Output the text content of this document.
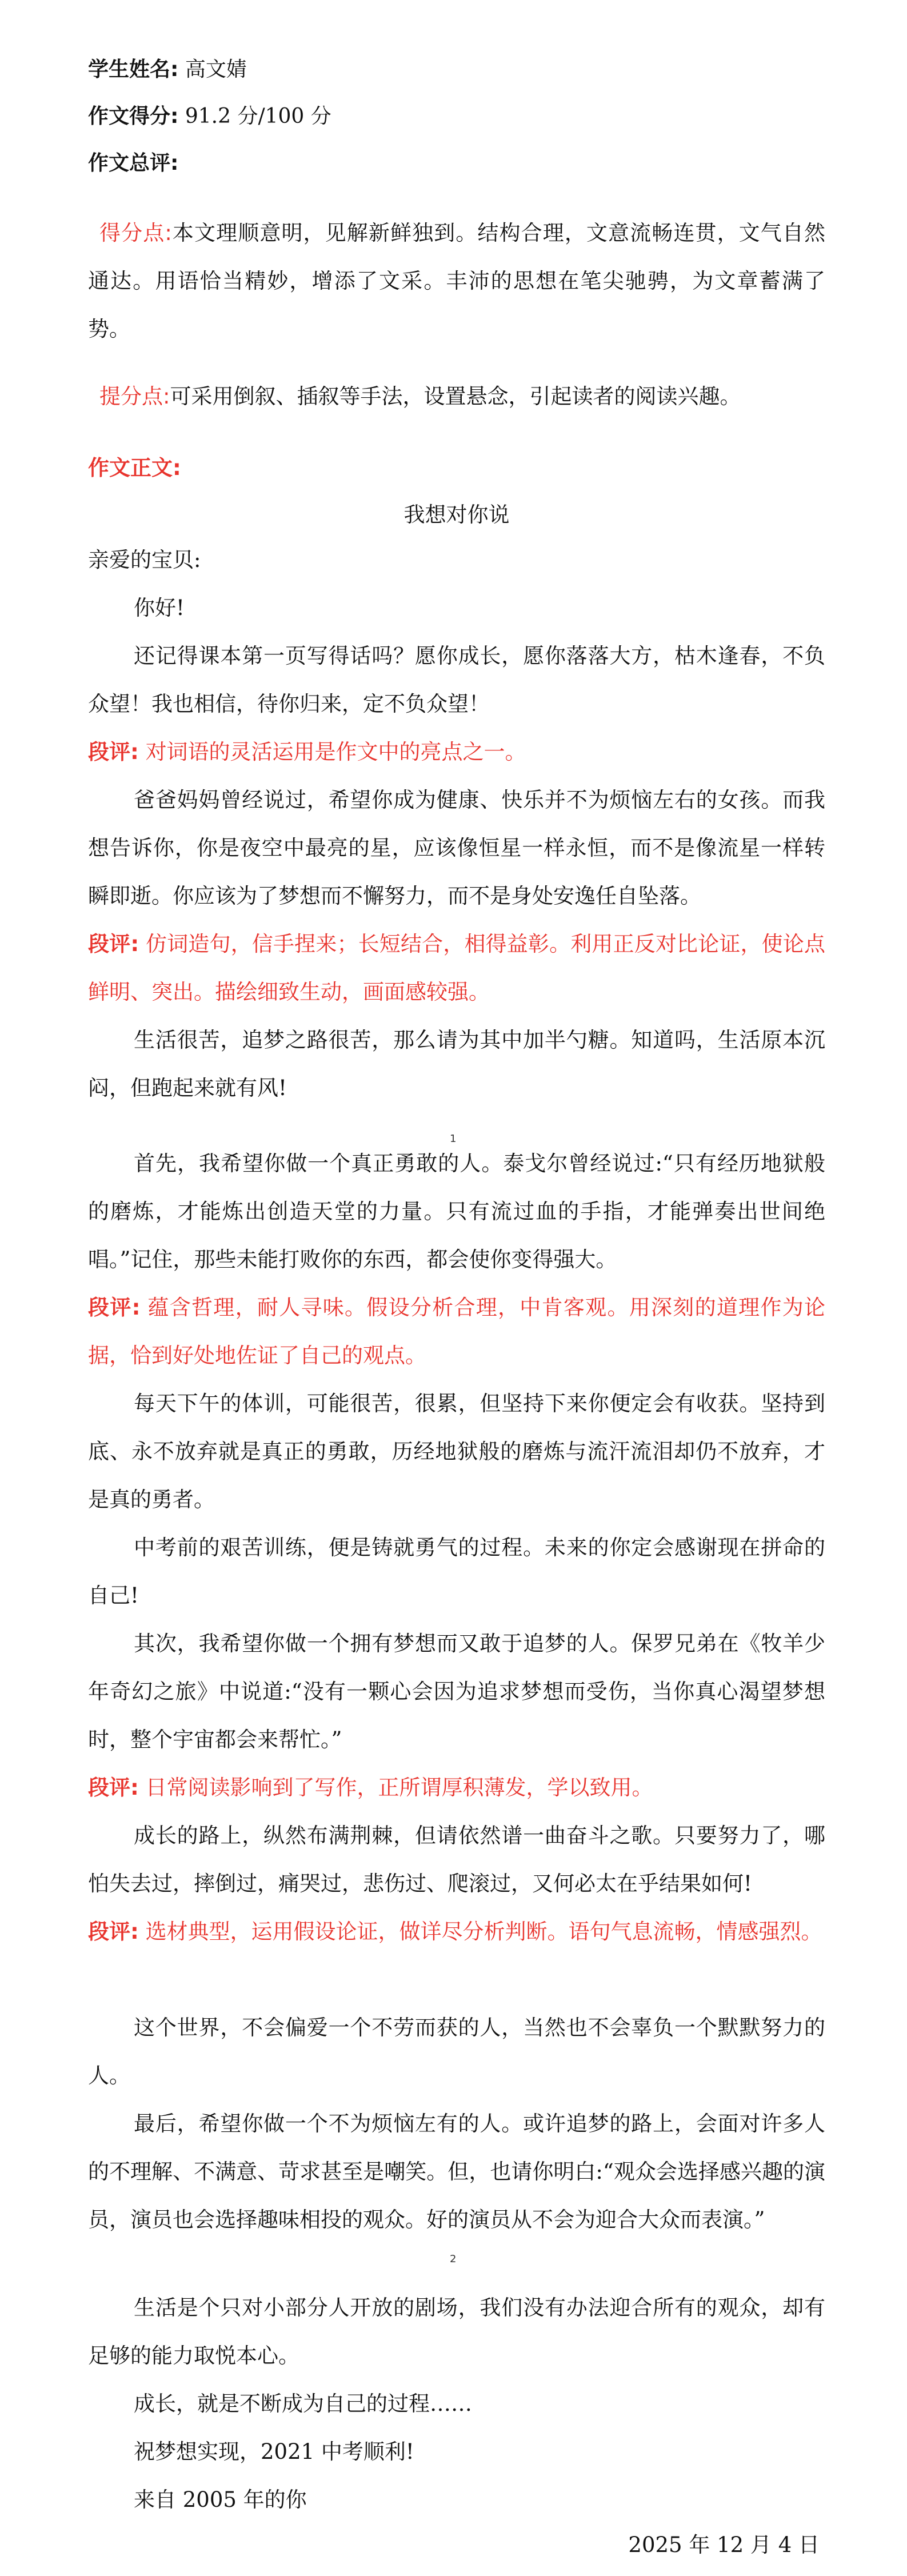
学生姓名: 高文婧
作文得分: 91.2 分/100 分
作文总评:
得分点:本文理顺意明，见解新鲜独到。结构合理，文意流畅连贯，文气自然通达。用语恰当精妙，增添了文采。丰沛的思想在笔尖驰骋，为文章蓄满了势。
提分点:可采用倒叙、插叙等手法，设置悬念，引起读者的阅读兴趣。
作文正文:
我想对你说
亲爱的宝贝:
你好!
还记得课本第一页写得话吗？愿你成长，愿你落落大方，枯木逢春，不负众望！我也相信，待你归来，定不负众望！
段评: 对词语的灵活运用是作文中的亮点之一。
爸爸妈妈曾经说过，希望你成为健康、快乐并不为烦恼左右的女孩。而我想告诉你，你是夜空中最亮的星，应该像恒星一样永恒，而不是像流星一样转瞬即逝。你应该为了梦想而不懈努力，而不是身处安逸任自坠落。
段评: 仿词造句，信手捏来；长短结合，相得益彰。利用正反对比论证，使论点鲜明、突出。描绘细致生动，画面感较强。
生活很苦，追梦之路很苦，那么请为其中加半勺糖。知道吗，生活原本沉闷，但跑起来就有风!
1
首先，我希望你做一个真正勇敢的人。泰戈尔曾经说过:“只有经历地狱般的磨炼，才能炼出创造天堂的力量。只有流过血的手指，才能弹奏出世间绝唱。”记住，那些未能打败你的东西，都会使你变得强大。
段评: 蕴含哲理，耐人寻味。假设分析合理，中肯客观。用深刻的道理作为论据，恰到好处地佐证了自己的观点。
每天下午的体训，可能很苦，很累，但坚持下来你便定会有收获。坚持到底、永不放弃就是真正的勇敢，历经地狱般的磨炼与流汗流泪却仍不放弃，才是真的勇者。
中考前的艰苦训练，便是铸就勇气的过程。未来的你定会感谢现在拼命的自己!
其次，我希望你做一个拥有梦想而又敢于追梦的人。保罗兄弟在《牧羊少年奇幻之旅》中说道:“没有一颗心会因为追求梦想而受伤，当你真心渴望梦想时，整个宇宙都会来帮忙。”
段评: 日常阅读影响到了写作，正所谓厚积薄发，学以致用。
成长的路上，纵然布满荆棘，但请依然谱一曲奋斗之歌。只要努力了，哪怕失去过，摔倒过，痛哭过，悲伤过、爬滚过，又何必太在乎结果如何!
段评: 选材典型，运用假设论证，做详尽分析判断。语句气息流畅，情感强烈。
这个世界，不会偏爱一个不劳而获的人，当然也不会辜负一个默默努力的人。
最后，希望你做一个不为烦恼左有的人。或许追梦的路上，会面对许多人的不理解、不满意、苛求甚至是嘲笑。但，也请你明白:“观众会选择感兴趣的演员，演员也会选择趣味相投的观众。好的演员从不会为迎合大众而表演。”
2
生活是个只对小部分人开放的剧场，我们没有办法迎合所有的观众，却有足够的能力取悦本心。
成长，就是不断成为自己的过程……
祝梦想实现，2021 中考顺利!
来自 2005 年的你
2025 年 12 月 4 日
